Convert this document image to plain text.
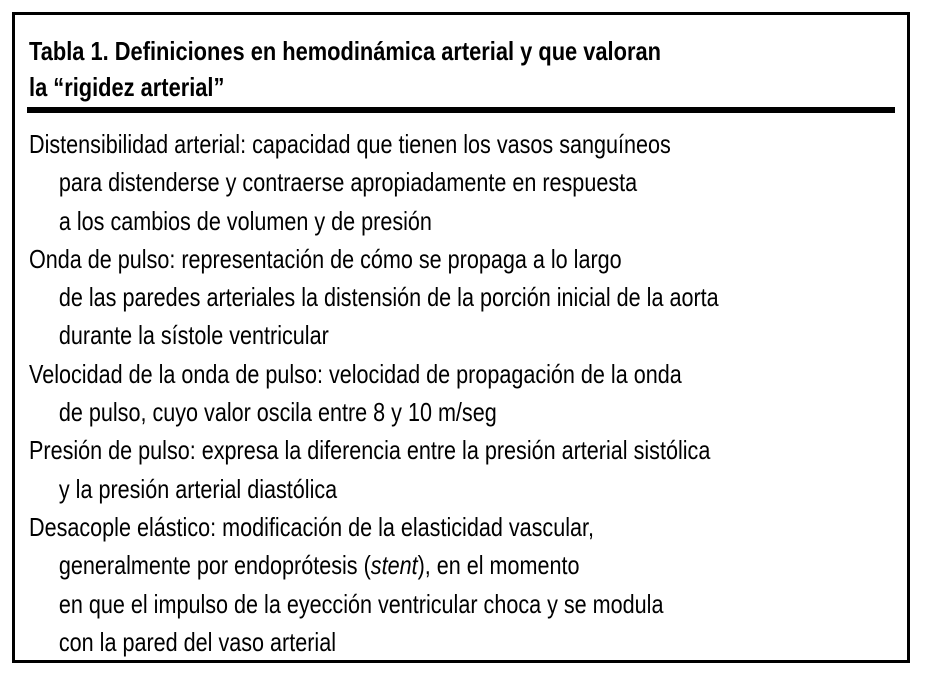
Tabla 1. Definiciones en hemodinámica arterial y que valoran
la “rigidez arterial”

Distensibilidad arterial: capacidad que tienen los vasos sanguíneos
para distenderse y contraerse apropiadamente en respuesta
a los cambios de volumen y de presión

Onda de pulso: representación de cómo se propaga a lo largo
de las paredes arteriales la distensión de la porción inicial de la aorta
durante la sístole ventricular

Velocidad de la onda de pulso: velocidad de propagación de la onda
de pulso, cuyo valor oscila entre 8 y 10 m/seg

Presión de pulso: expresa la diferencia entre la presión arterial sistólica
y la presión arterial diastólica

Desacople elástico: modificación de la elasticidad vascular,
generalmente por endoprótesis (stent), en el momento
en que el impulso de la eyección ventricular choca y se modula
con la pared del vaso arterial
